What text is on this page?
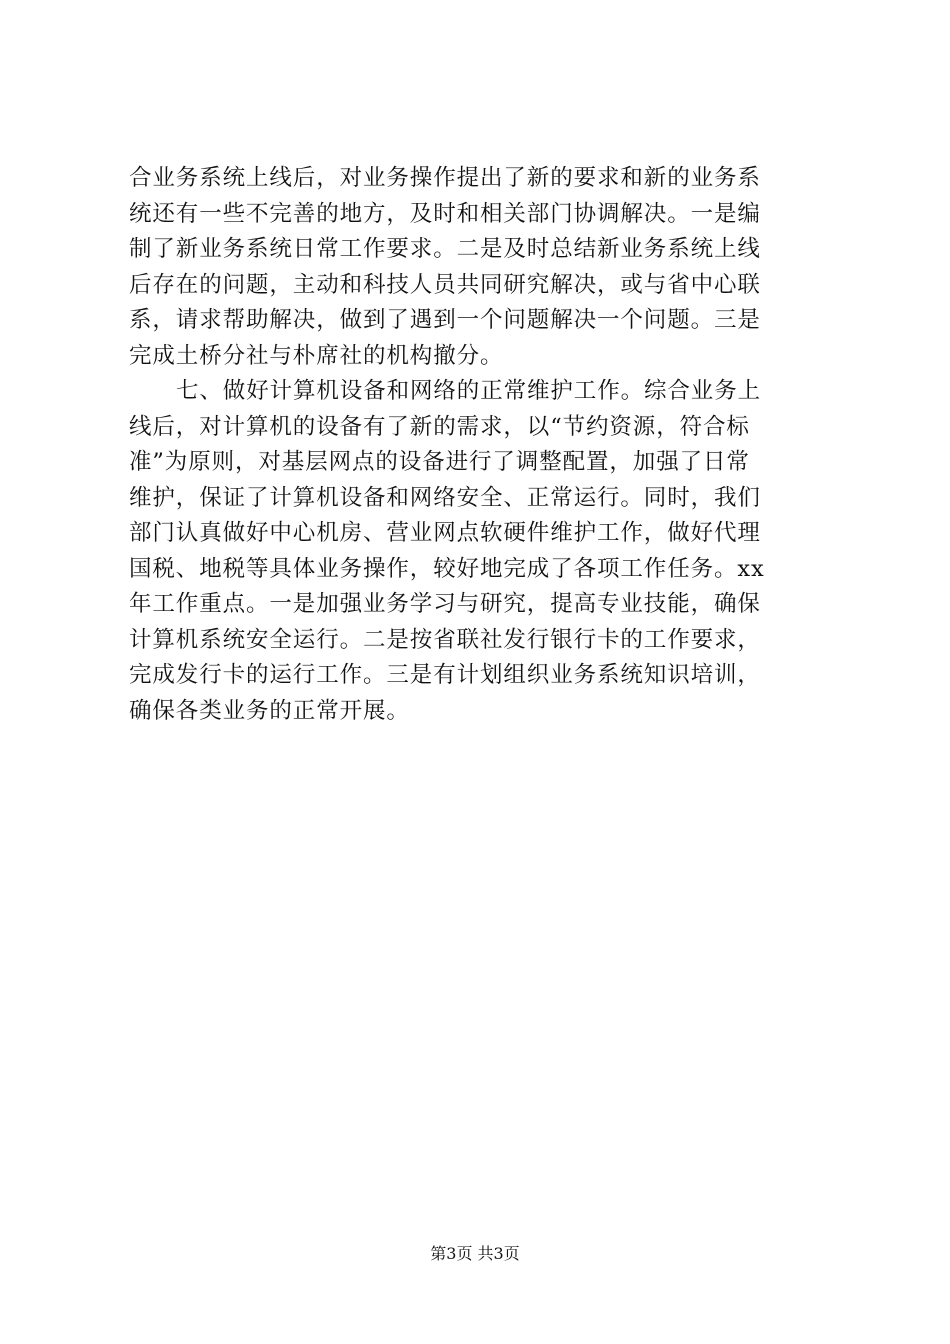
合业务系统上线后，对业务操作提出了新的要求和新的业务系
统还有一些不完善的地方，及时和相关部门协调解决。一是编
制了新业务系统日常工作要求。二是及时总结新业务系统上线
后存在的问题，主动和科技人员共同研究解决，或与省中心联
系，请求帮助解决，做到了遇到一个问题解决一个问题。三是
完成土桥分社与朴席社的机构撤分。
七、做好计算机设备和网络的正常维护工作。综合业务上
线后，对计算机的设备有了新的需求，以“节约资源，符合标
准”为原则，对基层网点的设备进行了调整配置，加强了日常
维护，保证了计算机设备和网络安全、正常运行。同时，我们
部门认真做好中心机房、营业网点软硬件维护工作，做好代理
国税、地税等具体业务操作，较好地完成了各项工作任务。xx
年工作重点。一是加强业务学习与研究，提高专业技能，确保
计算机系统安全运行。二是按省联社发行银行卡的工作要求，
完成发行卡的运行工作。三是有计划组织业务系统知识培训，
确保各类业务的正常开展。
第3页 共3页
